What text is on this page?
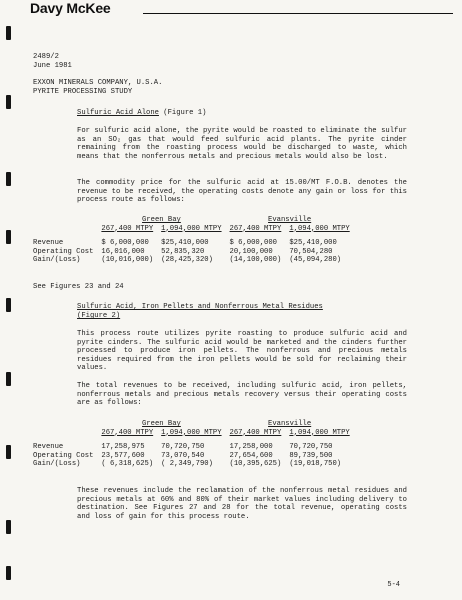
Davy McKee
2489/2
June 1981
EXXON MINERALS COMPANY, U.S.A.
PYRITE PROCESSING STUDY
Sulfuric Acid Alone (Figure 1)
For sulfuric acid alone, the pyrite would be roasted to eliminate the sulfur as an SO₂ gas that would feed sulfuric acid plants. The pyrite cinder remaining from the roasting process would be discharged to waste, which means that the nonferrous metals and precious metals would also be lost.
The commodity price for the sulfuric acid at 15.00/MT F.O.B. denotes the revenue to be received, the operating costs denote any gain or loss for this process route as follows:
	Green Bay		Evansville	
	267,400 MTPY	1,094,000 MTPY	267,400 MTPY	1,094,000 MTPY

Revenue	$ 6,000,000	$25,410,000	$ 6,000,000	$25,410,000
Operating Cost	16,016,000	52,835,320	20,100,000	70,504,280
Gain/(Loss)	(10,016,000)	(28,425,320)	(14,100,000)	(45,094,280)
See Figures 23 and 24
Sulfuric Acid, Iron Pellets and Nonferrous Metal Residues
(Figure 2)
This process route utilizes pyrite roasting to produce sulfuric acid and pyrite cinders. The sulfuric acid would be marketed and the cinders further processed to produce iron pellets. The nonferrous and precious metals residues required from the iron pellets would be sold for reclaiming their values.
The total revenues to be received, including sulfuric acid, iron pellets, nonferrous metals and precious metals recovery versus their operating costs are as follows:
	Green Bay		Evansville	
	267,400 MTPY	1,094,000 MTPY	267,400 MTPY	1,094,000 MTPY

Revenue	17,258,975	70,720,750	17,258,000	70,720,750
Operating Cost	23,577,600	73,070,540	27,654,600	89,739,500
Gain/(Loss)	( 6,318,625)	( 2,349,790)	(10,395,625)	(19,018,750)
These revenues include the reclamation of the nonferrous metal residues and precious metals at 60% and 80% of their market values including delivery to destination. See Figures 27 and 28 for the total revenue, operating costs and loss of gain for this process route.
5-4
